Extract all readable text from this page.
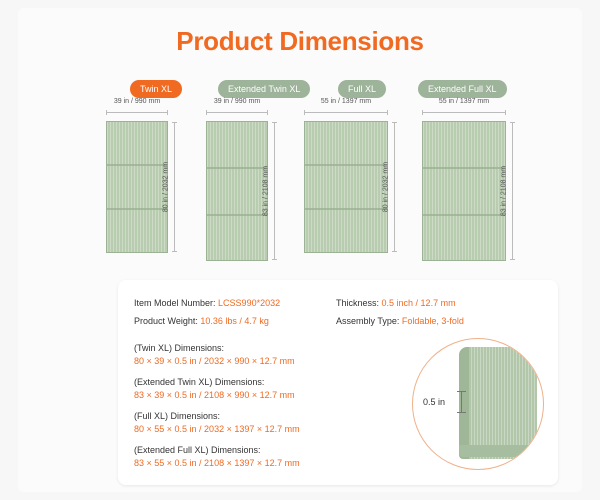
Product Dimensions
Twin XL	Extended Twin XL	Full XL	Extended Full XL
39 in / 990 mm
80 in / 2032 mm
39 in / 990 mm
83 in / 2108 mm
55 in / 1397 mm
80 in / 2032 mm
55 in / 1397 mm
83 in / 2108 mm
Item Model Number: LCSS990*2032
Product Weight: 10.36 lbs / 4.7 kg
Thickness: 0.5 inch / 12.7 mm
Assembly Type: Foldable, 3-fold
(Twin XL) Dimensions:
80 × 39 × 0.5 in / 2032 × 990 × 12.7 mm
(Extended Twin XL) Dimensions:
83 × 39 × 0.5 in / 2108 × 990 × 12.7 mm
(Full XL) Dimensions:
80 × 55 × 0.5 in / 2032 × 1397 × 12.7 mm
(Extended Full XL) Dimensions:
83 × 55 × 0.5 in / 2108 × 1397 × 12.7 mm
0.5 in
